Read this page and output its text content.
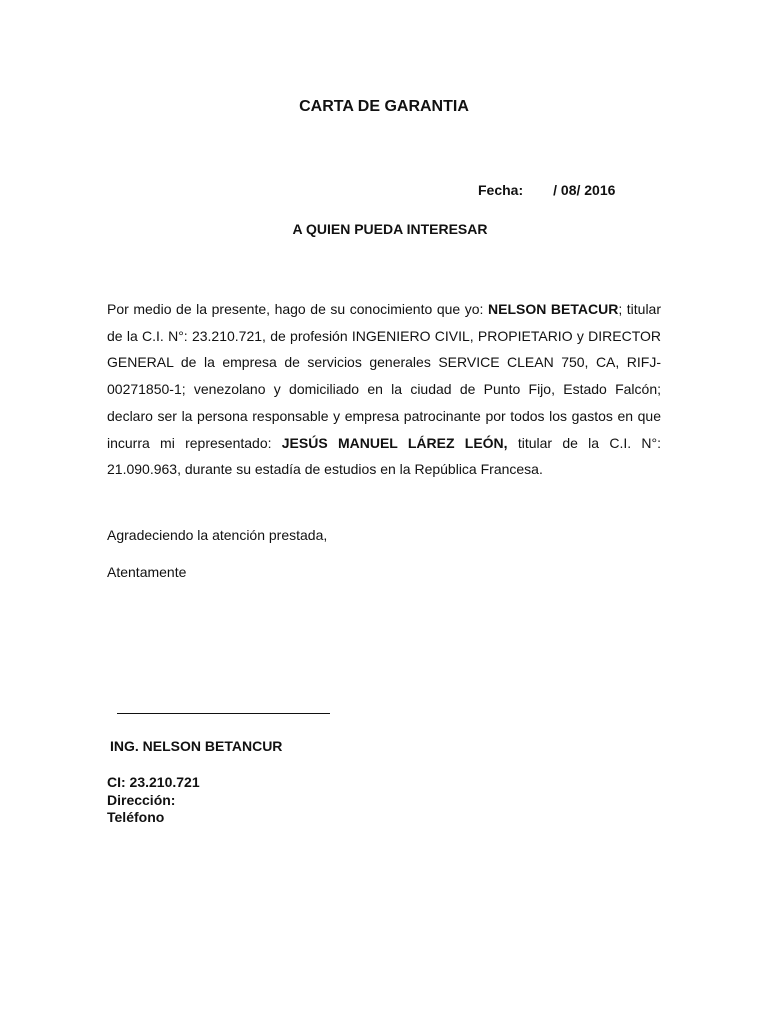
CARTA DE GARANTIA
Fecha: / 08/ 2016
A QUIEN PUEDA INTERESAR
Por medio de la presente, hago de su conocimiento que yo: NELSON BETACUR; titular de la C.I. N°: 23.210.721, de profesión INGENIERO CIVIL, PROPIETARIO y DIRECTOR GENERAL de la empresa de servicios generales SERVICE CLEAN 750, CA, RIFJ-00271850-1; venezolano y domiciliado en la ciudad de Punto Fijo, Estado Falcón; declaro ser la persona responsable y empresa patrocinante por todos los gastos en que incurra mi representado: JESÚS MANUEL LÁREZ LEÓN, titular de la C.I. N°: 21.090.963, durante su estadía de estudios en la República Francesa.
Agradeciendo la atención prestada,
Atentamente
ING. NELSON BETANCUR
CI: 23.210.721
Dirección:
Teléfono
